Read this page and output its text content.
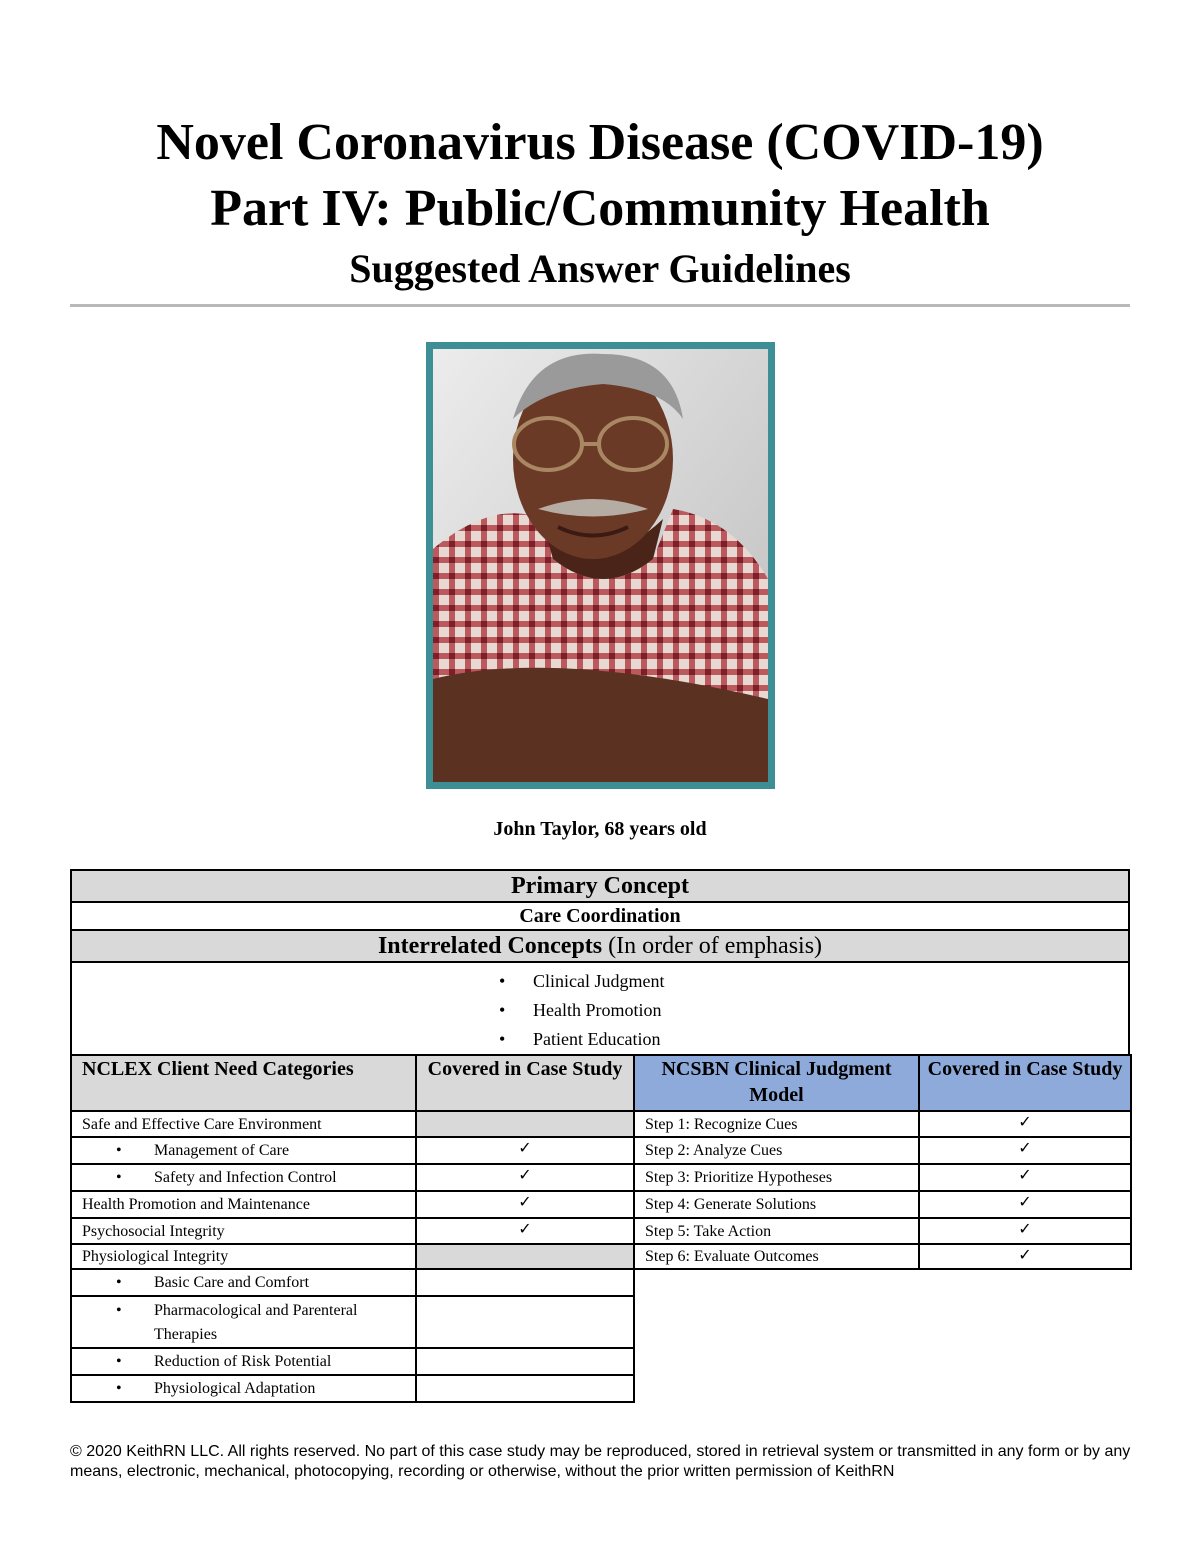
Novel Coronavirus Disease (COVID-19)
Part IV: Public/Community Health
Suggested Answer Guidelines
John Taylor, 68 years old
Primary Concept
Care Coordination
Interrelated Concepts (In order of emphasis)

• Clinical Judgment
• Health Promotion
• Patient Education
NCLEX Client Need Categories	Covered in Case Study	NCSBN Clinical Judgment Model	Covered in Case Study
Safe and Effective Care Environment		Step 1: Recognize Cues	✓
• Management of Care	✓	Step 2: Analyze Cues	✓
• Safety and Infection Control	✓	Step 3: Prioritize Hypotheses	✓
Health Promotion and Maintenance	✓	Step 4: Generate Solutions	✓
Psychosocial Integrity	✓	Step 5: Take Action	✓
Physiological Integrity		Step 6: Evaluate Outcomes	✓
• Basic Care and Comfort			

• Pharmacological and Parenteral Therapies			
• Reduction of Risk Potential			
• Physiological Adaptation			
© 2020 KeithRN LLC. All rights reserved. No part of this case study may be reproduced, stored in retrieval system or transmitted in any form or by any means, electronic, mechanical, photocopying, recording or otherwise, without the prior written permission of KeithRN
